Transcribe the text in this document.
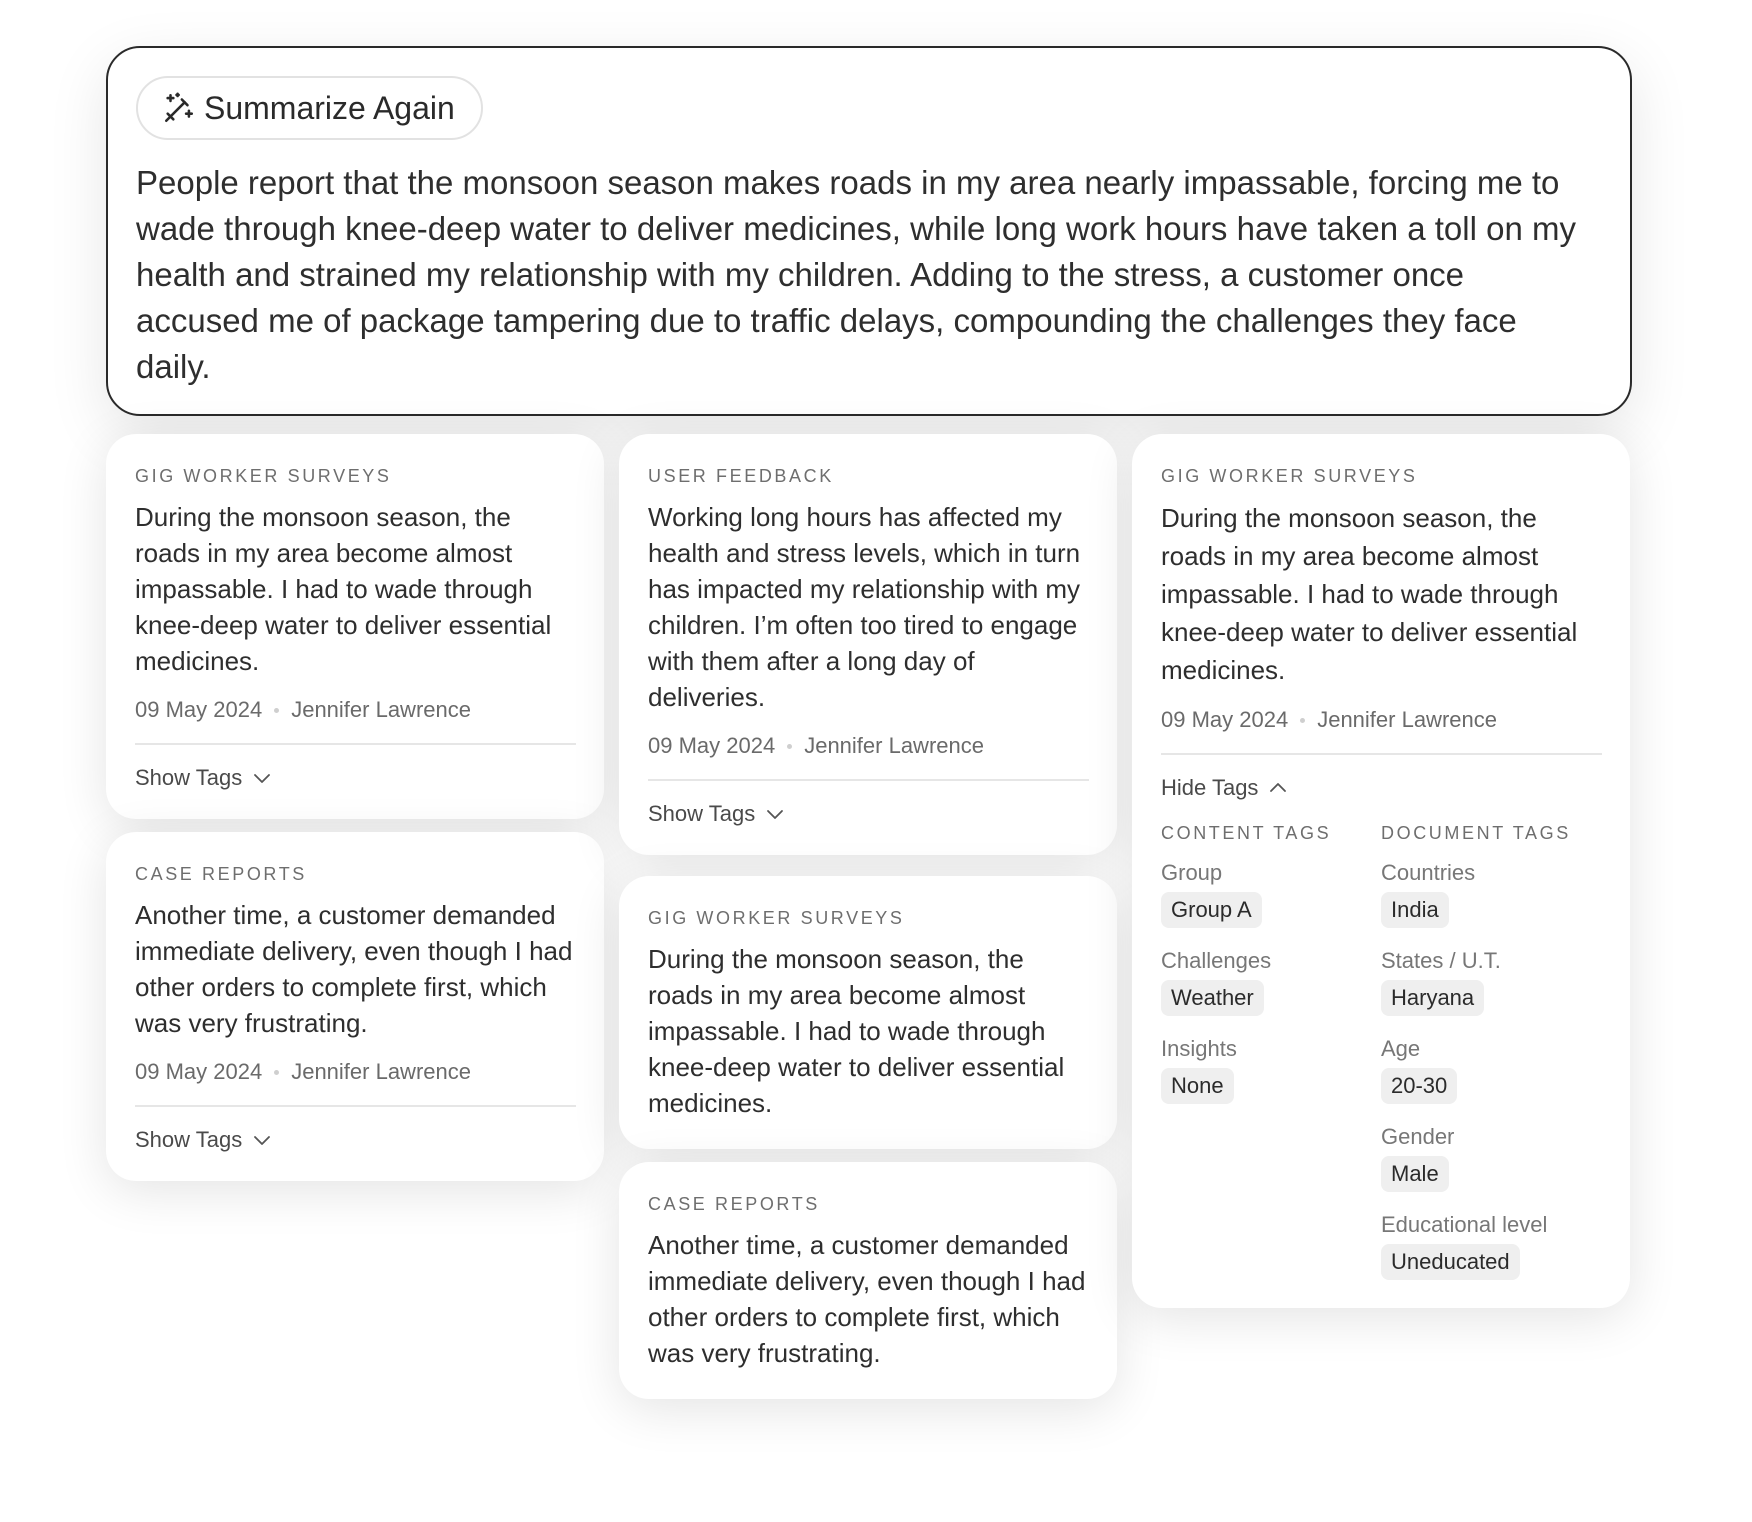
Summarize Again

People report that the monsoon season makes roads in my area nearly impassable, forcing me to wade through knee-deep water to deliver medicines, while long work hours have taken a toll on my health and strained my relationship with my children. Adding to the stress, a customer once accused me of package tampering due to traffic delays, compounding the challenges they face daily.

GIG WORKER SURVEYS

During the monsoon season, the roads in my area become almost impassable. I had to wade through knee-deep water to deliver essential medicines.

09 May 2024 Jennifer Lawrence
Show Tags
CASE REPORTS

Another time, a customer demanded immediate delivery, even though I had other orders to complete first, which was very frustrating.

09 May 2024 Jennifer Lawrence
Show Tags
USER FEEDBACK

Working long hours has affected my health and stress levels, which in turn has impacted my relationship with my children. I’m often too tired to engage with them after a long day of deliveries.

09 May 2024 Jennifer Lawrence
Show Tags
GIG WORKER SURVEYS

During the monsoon season, the roads in my area become almost impassable. I had to wade through knee-deep water to deliver essential medicines.

CASE REPORTS

Another time, a customer demanded immediate delivery, even though I had other orders to complete first, which was very frustrating.

GIG WORKER SURVEYS

During the monsoon season, the roads in my area become almost impassable. I had to wade through knee-deep water to deliver essential medicines.

09 May 2024 Jennifer Lawrence
Hide Tags
CONTENT TAGS
Group
Group A
Challenges
Weather
Insights
None
DOCUMENT TAGS
Countries
India
States / U.T.
Haryana
Age
20-30
Gender
Male
Educational level
Uneducated
